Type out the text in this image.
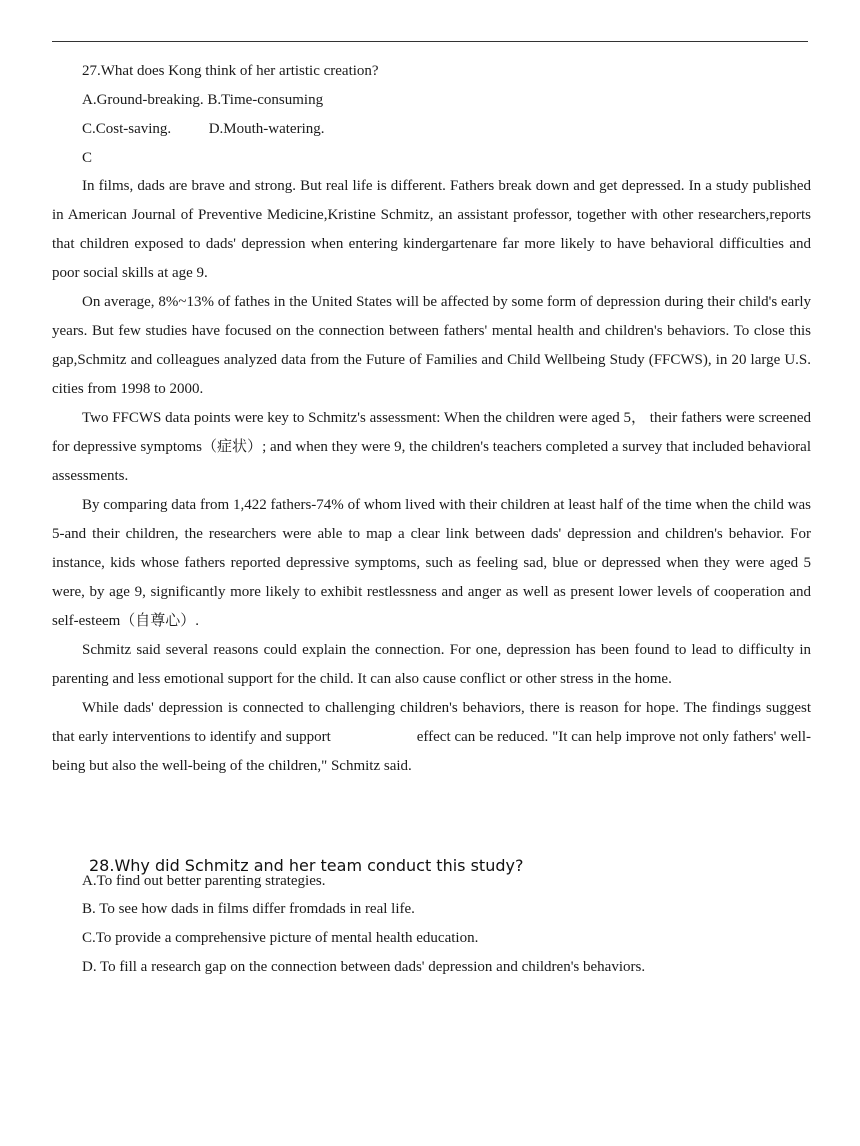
27.What does Kong think of her artistic creation?
A.Ground-breaking. B.Time-consuming
C.Cost-saving.	D.Mouth-watering.
C

In films, dads are brave and strong. But real life is different. Fathers break down and get depressed. In a study published in American Journal of Preventive Medicine,Kristine Schmitz, an assistant professor, together with other researchers,reports that children exposed to dads' depression when entering kindergartenare far more likely to have behavioral difficulties and poor social skills at age 9.

On average, 8%~13% of fathes in the United States will be affected by some form of depression during their child's early years. But few studies have focused on the connection between fathers' mental health and children's behaviors. To close this gap,Schmitz and colleagues analyzed data from the Future of Families and Child Wellbeing Study (FFCWS), in 20 large U.S. cities from 1998 to 2000.

Two FFCWS data points were key to Schmitz's assessment: When the children were aged 5， their fathers were screened for depressive symptoms（症状）; and when they were 9, the children's teachers completed a survey that included behavioral assessments.

By comparing data from 1,422 fathers-74% of whom lived with their children at least half of the time when the child was 5-and their children, the researchers were able to map a clear link between dads' depression and children's behavior. For instance, kids whose fathers reported depressive symptoms, such as feeling sad, blue or depressed when they were aged 5 were, by age 9, significantly more likely to exhibit restlessness and anger as well as present lower levels of cooperation and self-esteem（自尊心）.

Schmitz said several reasons could explain the connection. For one, depression has been found to lead to difficulty in parenting and less emotional support for the child. It can also cause conflict or other stress in the home.

While dads' depression is connected to challenging children's behaviors, there is reason for hope. The findings suggest that early interventions to identify and support	effect can be reduced. "It can help improve not only fathers' well-being but also the well-being of the children," Schmitz said.

28.Why did Schmitz and her team conduct this study?
A.To find out better parenting strategies.
B. To see how dads in films differ fromdads in real life.
C.To provide a comprehensive picture of mental health education.
D. To fill a research gap on the connection between dads' depression and children's behaviors.
